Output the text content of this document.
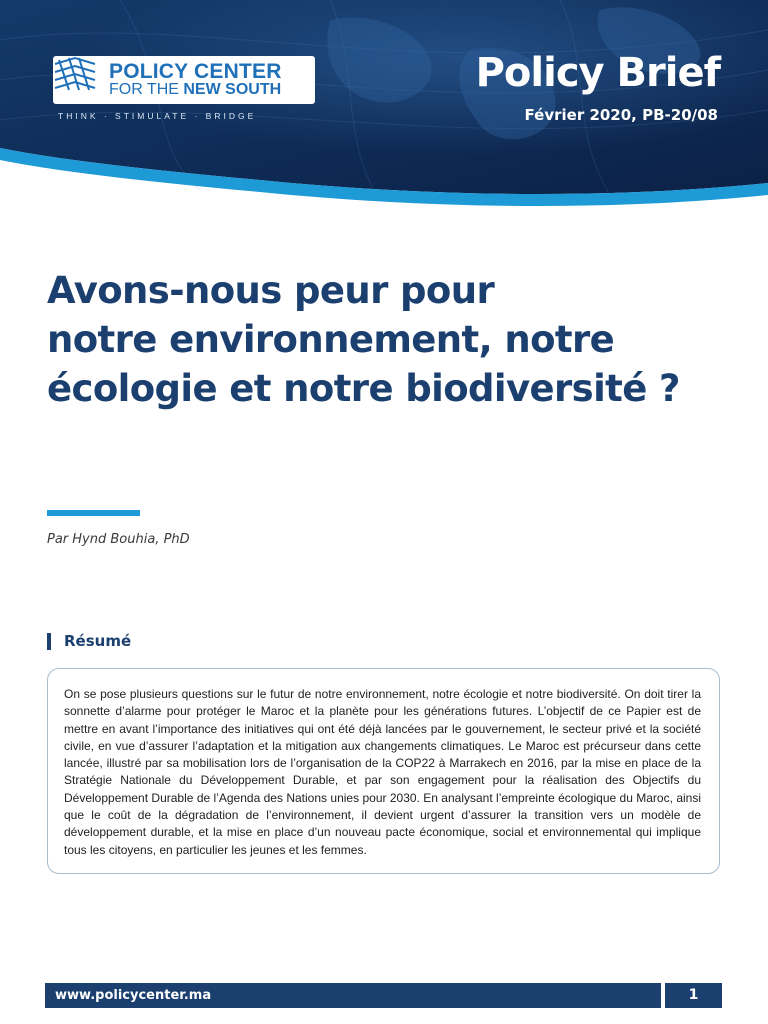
POLICY CENTER
FOR THE NEW SOUTH
THINK · STIMULATE · BRIDGE
Policy Brief
Février 2020, PB-20/08
Avons-nous peur pour
notre environnement, notre
écologie et notre biodiversité ?
Par Hynd Bouhia, PhD
Résumé

On se pose plusieurs questions sur le futur de notre environnement, notre écologie et notre biodiversité. On doit tirer la sonnette d’alarme pour protéger le Maroc et la planète pour les générations futures. L’objectif de ce Papier est de mettre en avant l’importance des initiatives qui ont été déjà lancées par le gouvernement, le secteur privé et la société civile, en vue d’assurer l’adaptation et la mitigation aux changements climatiques. Le Maroc est précurseur dans cette lancée, illustré par sa mobilisation lors de l’organisation de la COP22 à Marrakech en 2016, par la mise en place de la Stratégie Nationale du Développement Durable, et par son engagement pour la réalisation des Objectifs du Développement Durable de l’Agenda des Nations unies pour 2030. En analysant l’empreinte écologique du Maroc, ainsi que le coût de la dégradation de l’environnement, il devient urgent d’assurer la transition vers un modèle de développement durable, et la mise en place d’un nouveau pacte économique, social et environnemental qui implique tous les citoyens, en particulier les jeunes et les femmes.

www.policycenter.ma	1
